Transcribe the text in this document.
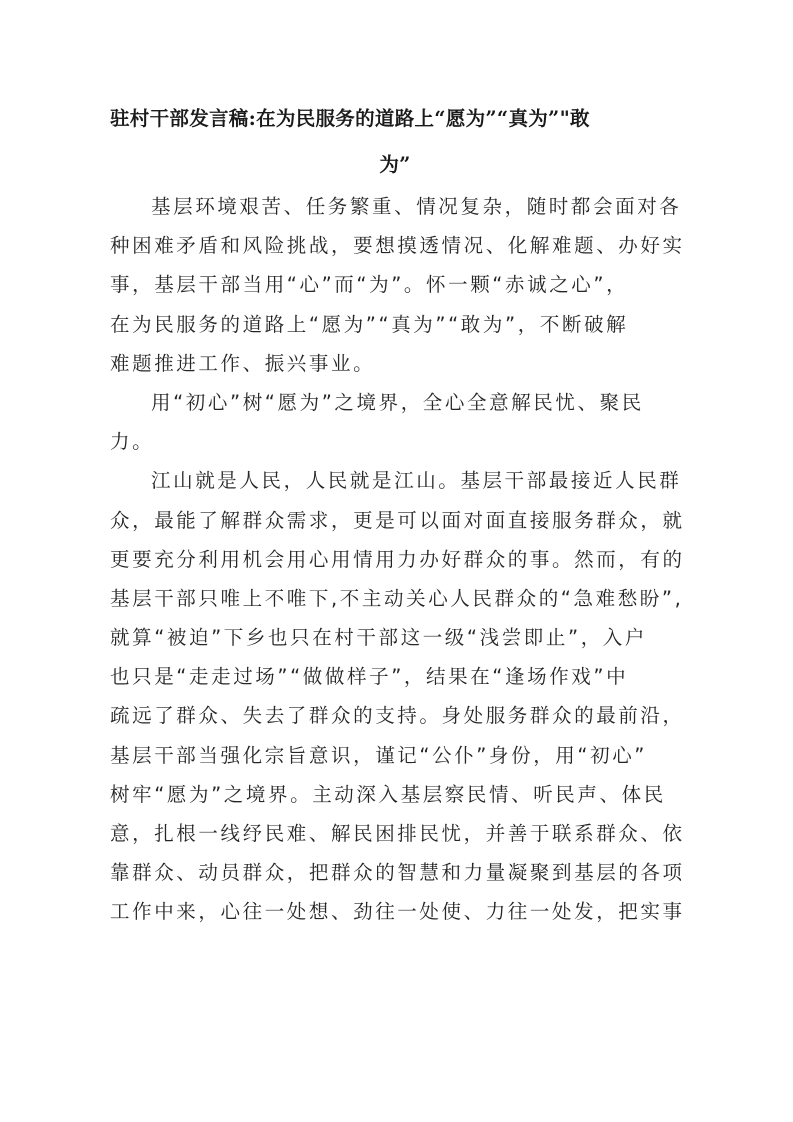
驻村干部发言稿:在为民服务的道路上“愿为”“真为”"敢
为”
基层环境艰苦、任务繁重、情况复杂，随时都会面对各
种困难矛盾和风险挑战，要想摸透情况、化解难题、办好实
事，基层干部当用“心”而“为”。怀一颗“赤诚之心”，
在为民服务的道路上“愿为”“真为”“敢为”，不断破解
难题推进工作、振兴事业。
用“初心”树“愿为”之境界，全心全意解民忧、聚民
力。
江山就是人民，人民就是江山。基层干部最接近人民群
众，最能了解群众需求，更是可以面对面直接服务群众，就
更要充分利用机会用心用情用力办好群众的事。然而，有的
基层干部只唯上不唯下,不主动关心人民群众的“急难愁盼”,
就算“被迫”下乡也只在村干部这一级“浅尝即止”，入户
也只是“走走过场”“做做样子”，结果在“逢场作戏”中
疏远了群众、失去了群众的支持。身处服务群众的最前沿，
基层干部当强化宗旨意识，谨记“公仆”身份，用“初心”
树牢“愿为”之境界。主动深入基层察民情、听民声、体民
意，扎根一线纾民难、解民困排民忧，并善于联系群众、依
靠群众、动员群众，把群众的智慧和力量凝聚到基层的各项
工作中来，心往一处想、劲往一处使、力往一处发，把实事
